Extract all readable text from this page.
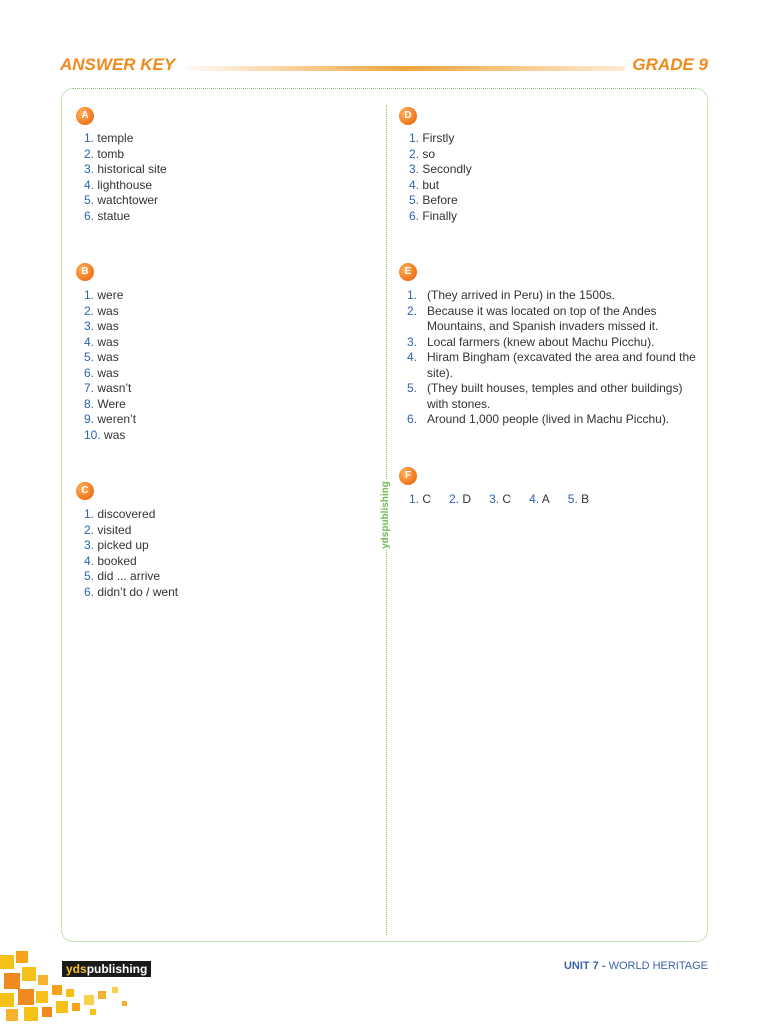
ANSWER KEY	GRADE 9
ydspublishing
A
1. temple
2. tomb
3. historical site
4. lighthouse
5. watchtower
6. statue
B
1. were
2. was
3. was
4. was
5. was
6. was
7. wasn’t
8. Were
9. weren’t
10. was
C
1. discovered
2. visited
3. picked up
4. booked
5. did ... arrive
6. didn’t do / went
D
1. Firstly
2. so
3. Secondly
4. but
5. Before
6. Finally
E
1. (They arrived in Peru) in the 1500s.
2. Because it was located on top of the Andes Mountains, and Spanish invaders missed it.
3. Local farmers (knew about Machu Picchu).
4. Hiram Bingham (excavated the area and found the site).
5. (They built houses, temples and other buildings) with stones.
6. Around 1,000 people (lived in Machu Picchu).
F
1. C 2. D 3. C 4. A 5. B
ydspublishing	UNIT 7 - WORLD HERITAGE
